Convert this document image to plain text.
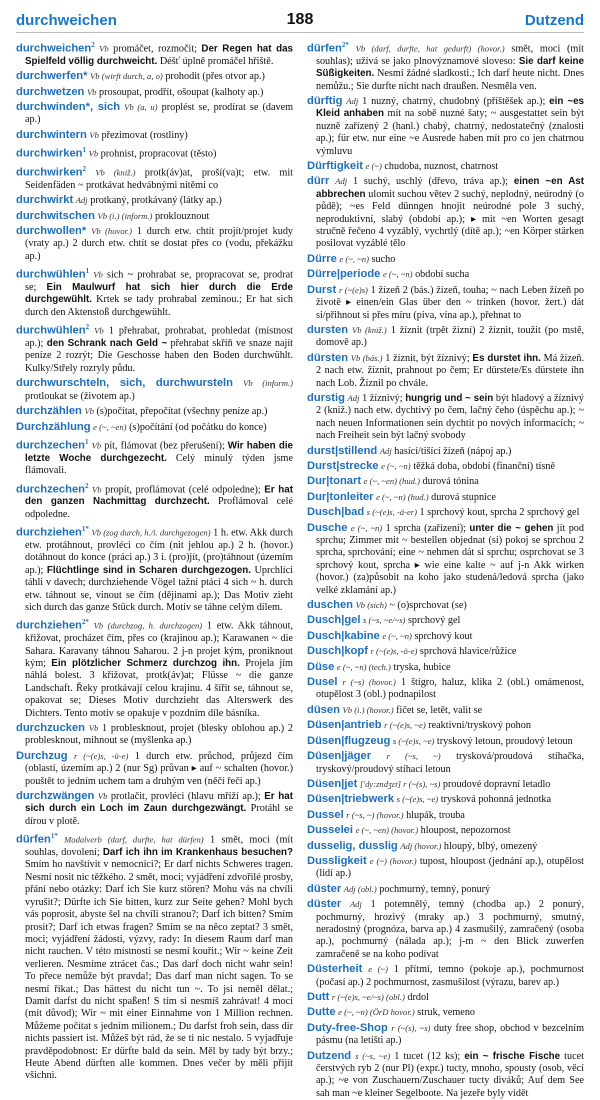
durchweichen	188	Dutzend

durchweichen$^2$ Vb promáčet, rozmočit; Der Regen hat das Spielfeld völlig durchweicht. Déšť úplně promáčel hřiště.

durchwerfen* Vb (wirft durch, a, o) prohodit (přes otvor ap.)

durchwetzen Vb prosoupat, prodřít, ošoupat (kalhoty ap.)

durchwinden*, sich Vb (a, u) proplést se, prodírat se (davem ap.)

durchwintern Vb přezimovat (rostliny)

durchwirken$^1$ Vb prohnist, propracovat (těsto)

durchwirken$^2$ Vb (kniž.) protk(áv)at, proší(va)t; etw. mit Seidenfäden ~ protkávat hedvábnými nitěmi co

durchwirkt Adj protkaný, protkávaný (látky ap.)

durchwitschen Vb (i.) (inform.) proklouznout

durchwollen* Vb (hovor.) 1 durch etw. chtít projít/projet kudy (vraty ap.) 2 durch etw. chtít se dostat přes co (vodu, překážku ap.)

durchwühlen$^1$ Vb sich ~ prohrabat se, propracovat se, prodrat se; Ein Maulwurf hat sich hier durch die Erde durchgewühlt. Krtek se tady prohrabal zeminou.; Er hat sich durch den Aktenstoß durchgewühlt.

durchwühlen$^2$ Vb 1 přehrabat, prohrabat, prohledat (místnost ap.); den Schrank nach Geld ~ přehrabat skříň ve snaze najít peníze 2 rozrýt; Die Geschosse haben den Boden durchwühlt. Kulky/Střely rozryly půdu.

durchwurschteln, sich, durchwursteln Vb (inform.) protloukat se (životem ap.)

durchzählen Vb (s)počítat, přepočítat (všechny peníze ap.)

Durchzählung e (~, ~en) (s)počítání (od počátku do konce)

durchzechen$^1$ Vb pít, flámovat (bez přerušení); Wir haben die letzte Woche durchgezecht. Celý minulý týden jsme flámovali.

durchzechen$^2$ Vb propít, proflámovat (celé odpoledne); Er hat den ganzen Nachmittag durchzecht. Proflámoval celé odpoledne.

durchziehen$^{1*}$ Vb (zog durch, h./i. durchgezogen) 1 h. etw. Akk durch etw. protáhnout, provléci co čím (nit jehlou ap.) 2 h. (hovor.) dotáhnout do konce (práci ap.) 3 i. (pro)jít, (pro)táhnout (územím ap.); Flüchtlinge sind in Scharen durchgezogen. Uprchlíci táhli v davech; durchziehende Vögel tažní ptáci 4 sich ~ h. durch etw. táhnout se, vinout se čím (dějinami ap.); Das Motiv zieht sich durch das ganze Stück durch. Motiv se táhne celým dílem.

durchziehen$^{2*}$ Vb (durchzog, h. durchzogen) 1 etw. Akk táhnout, křižovat, procházet čím, přes co (krajinou ap.); Karawanen ~ die Sahara. Karavany táhnou Saharou. 2 j-n projet kým, proniknout kým; Ein plötzlicher Schmerz durchzog ihn. Projela jím náhlá bolest. 3 křižovat, protk(áv)at; Flüsse ~ die ganze Landschaft. Řeky protkávají celou krajinu. 4 šířit se, táhnout se, opakovat se; Dieses Motiv durchzieht das Alterswerk des Dichters. Tento motiv se opakuje v pozdním díle básníka.

durchzucken Vb 1 problesknout, projet (blesky oblohou ap.) 2 problesknout, mihnout se (myšlenka ap.)

Durchzug r (~(e)s, -ü-e) 1 durch etw. průchod, průjezd čím (oblastí, územím ap.) 2 (nur Sg) průvan ▸ auf ~ schalten (hovor.) pouštět to jedním uchem tam a druhým ven (něčí řeči ap.)

durchzwängen Vb protlačit, provléci (hlavu mříží ap.); Er hat sich durch ein Loch im Zaun durchgezwängt. Protáhl se dírou v plotě.

dürfen$^{1*}$ Modalverb (darf, durfte, hat dürfen) 1 smět, moci (mít souhlas, dovolení; Darf ich ihn im Krankenhaus besuchen? Smím ho navštívit v nemocnici?; Er darf nichts Schweres tragen. Nesmí nosit nic těžkého. 2 smět, moci; vyjádření zdvořilé prosby, přání nebo otázky: Darf ich Sie kurz stören? Mohu vás na chvíli vyrušit?; Dürfte ich Sie bitten, kurz zur Seite gehen? Mohl bych vás poprosit, abyste šel na chvíli stranou?; Darf ich bitten? Smím prosit?; Darf ich etwas fragen? Smím se na něco zeptat? 3 smět, moci; vyjádření žádosti, výzvy, rady: In diesem Raum darf man nicht rauchen. V této místnosti se nesmí kouřit.; Wir ~ keine Zeit verlieren. Nesmíme ztrácet čas.; Das darf doch nicht wahr sein! To přece nemůže být pravda!; Das darf man nicht sagen. To se nesmí říkat.; Das hättest du nicht tun ~. To jsi neměl dělat.; Damit darfst du nicht spaßen! S tím si nesmíš zahrávat! 4 moci (mít důvod); Wir ~ mit einer Einnahme von 1 Million rechnen. Můžeme počítat s jedním milionem.; Du darfst froh sein, dass dir nichts passiert ist. Můžeš být rád, že se ti nic nestalo. 5 vyjadřuje pravděpodobnost: Er dürfte bald da sein. Měl by tady být brzy.; Heute Abend dürften alle kommen. Dnes večer by měli přijít všichni.

dürfen$^{2*}$ Vb (darf, durfte, hat gedurft) (hovor.) smět, moci (mít souhlas); užívá se jako plnovýznamové sloveso: Sie darf keine Süßigkeiten. Nesmí žádné sladkosti.; Ich darf heute nicht. Dnes nemůžu.; Sie durfte nicht nach draußen. Nesměla ven.

dürftig Adj 1 nuzný, chatrný, chudobný (příštěšek ap.); ein ~es Kleid anhaben mít na sobě nuzné šaty; ~ ausgestattet sein být nuzně zařízený 2 (hanl.) chabý, chatrný, nedostatečný (znalosti ap.); für etw. nur eine ~e Ausrede haben mít pro co jen chatrnou výmluvu

Dürftigkeit e (~) chudoba, nuznost, chatrnost

dürr Adj 1 suchý, uschlý (dřevo, tráva ap.); einen ~en Ast abbrechen ulomit suchou větev 2 suchý, neplodný, neúrodný (o půdě); ~es Feld dünngen hnojit neúrodné pole 3 suchý, neproduktivní, slabý (období ap.); ▸ mit ~en Worten gesagt stručně řečeno 4 vyzáblý, vychrtlý (dítě ap.); ~en Körper stärken posilovat vyzáblé tělo

Dürre e (~, ~n) sucho

Dürre|periode e (~, ~n) období sucha

Durst r (~(e)s) 1 žízeň 2 (bás.) žízeň, touha; ~ nach Leben žízeň po životě ▸ einen/ein Glas über den ~ trinken (hovor. žert.) dát si/přihnout si přes míru (piva, vína ap.), přehnat to

dursten Vb (kniž.) 1 žíznit (trpět žízní) 2 žíznit, toužit (po mstě, domově ap.)

dürsten Vb (bás.) 1 žíznit, být žíznivý; Es durstet ihn. Má žízeň. 2 nach etw. žíznit, prahnout po čem; Er dürstete/Es dürstete ihn nach Lob. Žíznil po chvále.

durstig Adj 1 žíznivý; hungrig und ~ sein být hladový a žíznivý 2 (kniž.) nach etw. dychtivý po čem, lačný čeho (úspěchu ap.); ~ nach neuen Informationen sein dychtit po nových informacích; ~ nach Freiheit sein být lačný svobody

durst|stillend Adj hasící/tišící žízeň (nápoj ap.)

Durst|strecke e (~, ~n) těžká doba, období (finanční) tísně

Dur|tonart e (~, ~en) (hud.) durová tónina

Dur|tonleiter e (~, ~n) (hud.) durová stupnice

Dusch|bad s (~(e)s, -ä-er) 1 sprchový kout, sprcha 2 sprchový gel

Dusche e (~, ~n) 1 sprcha (zařízení); unter die ~ gehen jít pod sprchu; Zimmer mit ~ bestellen objednat (si) pokoj se sprchou 2 sprcha, sprchování; eine ~ nehmen dát si sprchu; osprchovat se 3 sprchový kout, sprcha ▸ wie eine kalte ~ auf j-n Akk wirken (hovor.) (za)působit na koho jako studená/ledová sprcha (jako velké zklamání ap.)

duschen Vb (sich) ~ (o)sprchovat (se)

Dusch|gel s (~s, ~e/~s) sprchový gel

Dusch|kabine e (~, ~n) sprchový kout

Dusch|kopf r (~(e)s, -ö-e) sprchová hlavice/růžice

Düse e (~, ~n) (tech.) tryska, hubice

Dusel r (~s) (hovor.) 1 štígro, haluz, klika 2 (obl.) omámenost, otupělost 3 (obl.) podnapilost

düsen Vb (i.) (hovor.) fičet se, letět, valit se

Düsen|antrieb r (~(e)s, ~e) reaktivní/tryskový pohon

Düsen|flugzeug s (~(e)s, ~e) tryskový letoun, proudový letoun

Düsen|jäger r (~s, ~) trysková/proudová stíhačka, tryskový/proudový stíhací letoun

Düsen|jet ['dy:zndʒɛt] r (~(s), ~s) proudové dopravní letadlo

Düsen|triebwerk s (~(e)s, ~e) trysková pohonná jednotka

Dussel r (~s, ~) (hovor.) hlupák, trouba

Dusselei e (~, ~en) (hovor.) hloupost, nepozornost

dusselig, dusslig Adj (hovor.) hloupý, blbý, omezený

Dussligkeit e (~) (hovor.) tupost, hloupost (jednání ap.), otupělost (lidí ap.)

düster Adj (obl.) pochmurný, temný, ponurý

düster Adj 1 potemnělý, temný (chodba ap.) 2 ponurý, pochmurný, hrozivý (mraky ap.) 3 pochmurný, smutný, neradostný (prognóza, barva ap.) 4 zasmušilý, zamračený (osoba ap.), pochmurný (nálada ap.); j-m ~ den Blick zuwerfen zamračeně se na koho podívat

Düsterheit e (~) 1 přítmí, temno (pokoje ap.), pochmurnost (počasí ap.) 2 pochmurnost, zasmušilost (výrazu, barev ap.)

Dutt r (~(e)s, ~e/~s) (obl.) drdol

Dutte e (~, ~n) (ÖrD hovor.) struk, vemeno

Duty-free-Shop r (~(s), ~s) duty free shop, obchod v bezcelním pásmu (na letišti ap.)

Dutzend s (~s, ~e) 1 tucet (12 ks); ein ~ frische Fische tucet čerstvých ryb 2 (nur Pl) (expr.) tucty, mnoho, spousty (osob, věcí ap.); ~e von Zuschauern/Zuschauer tucty diváků; Auf dem See sah man ~e kleiner Segelboote. Na jezeře byly vidět
